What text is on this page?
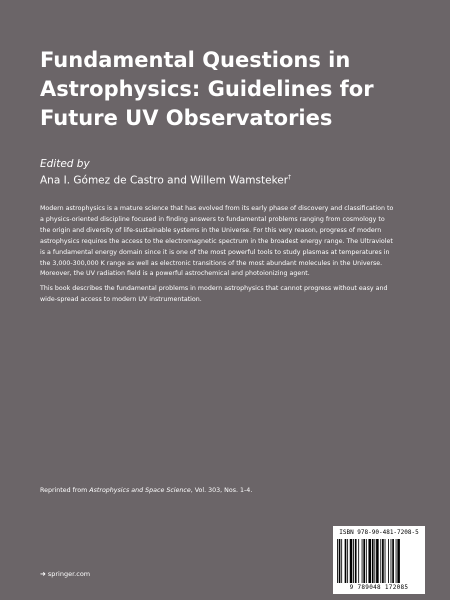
Fundamental Questions in
Astrophysics: Guidelines for
Future UV Observatories
Edited by
Ana I. Gómez de Castro and Willem Wamsteker†

Modern astrophysics is a mature science that has evolved from its early phase of discovery and classification to
a physics-oriented discipline focused in finding answers to fundamental problems ranging from cosmology to
the origin and diversity of life-sustainable systems in the Universe. For this very reason, progress of modern
astrophysics requires the access to the electromagnetic spectrum in the broadest energy range. The Ultraviolet
is a fundamental energy domain since it is one of the most powerful tools to study plasmas at temperatures in
the 3,000-300,000 K range as well as electronic transitions of the most abundant molecules in the Universe.
Moreover, the UV radiation field is a powerful astrochemical and photoionizing agent.

This book describes the fundamental problems in modern astrophysics that cannot progress without easy and
wide-spread access to modern UV instrumentation.

Reprinted from Astrophysics and Space Science, Vol. 303, Nos. 1-4.
ISBN 978-90-481-7208-5
9 789048 172085
➜ springer.com
